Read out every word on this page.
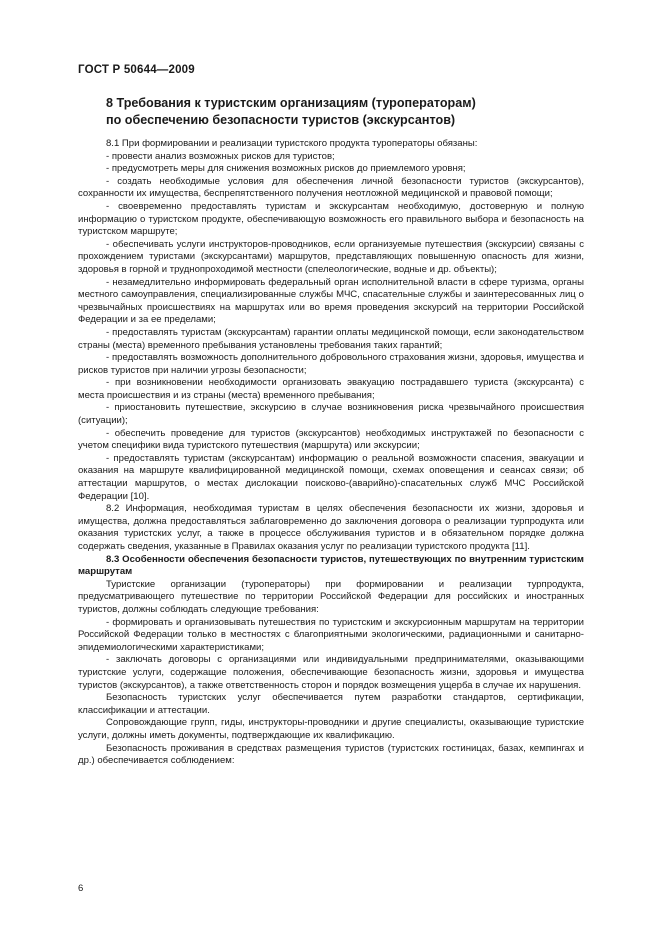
ГОСТ Р 50644—2009
8 Требования к туристским организациям (туроператорам)
по обеспечению безопасности туристов (экскурсантов)

8.1 При формировании и реализации туристского продукта туроператоры обязаны:

- провести анализ возможных рисков для туристов;

- предусмотреть меры для снижения возможных рисков до приемлемого уровня;

- создать необходимые условия для обеспечения личной безопасности туристов (экскурсантов), сохранности их имущества, беспрепятственного получения неотложной медицинской и правовой помощи;

- своевременно предоставлять туристам и экскурсантам необходимую, достоверную и полную информацию о туристском продукте, обеспечивающую возможность его правильного выбора и безопасность на туристском маршруте;

- обеспечивать услуги инструкторов-проводников, если организуемые путешествия (экскурсии) связаны с прохождением туристами (экскурсантами) маршрутов, представляющих повышенную опасность для жизни, здоровья в горной и труднопроходимой местности (спелеологические, водные и др. объекты);

- незамедлительно информировать федеральный орган исполнительной власти в сфере туризма, органы местного самоуправления, специализированные службы МЧС, спасательные службы и заинтересованных лиц о чрезвычайных происшествиях на маршрутах или во время проведения экскурсий на территории Российской Федерации и за ее пределами;

- предоставлять туристам (экскурсантам) гарантии оплаты медицинской помощи, если законодательством страны (места) временного пребывания установлены требования таких гарантий;

- предоставлять возможность дополнительного добровольного страхования жизни, здоровья, имущества и рисков туристов при наличии угрозы безопасности;

- при возникновении необходимости организовать эвакуацию пострадавшего туриста (экскурсанта) с места происшествия и из страны (места) временного пребывания;

- приостановить путешествие, экскурсию в случае возникновения риска чрезвычайного происшествия (ситуации);

- обеспечить проведение для туристов (экскурсантов) необходимых инструктажей по безопасности с учетом специфики вида туристского путешествия (маршрута) или экскурсии;

- предоставлять туристам (экскурсантам) информацию о реальной возможности спасения, эвакуации и оказания на маршруте квалифицированной медицинской помощи, схемах оповещения и сеансах связи; об аттестации маршрутов, о местах дислокации поисково-(аварийно)-спасательных служб МЧС Российской Федерации [10].

8.2 Информация, необходимая туристам в целях обеспечения безопасности их жизни, здоровья и имущества, должна предоставляться заблаговременно до заключения договора о реализации турпродукта или оказания туристских услуг, а также в процессе обслуживания туристов и в обязательном порядке должна содержать сведения, указанные в Правилах оказания услуг по реализации туристского продукта [11].

8.3 Особенности обеспечения безопасности туристов, путешествующих по внутренним туристским маршрутам

Туристские организации (туроператоры) при формировании и реализации турпродукта, предусматривающего путешествие по территории Российской Федерации для российских и иностранных туристов, должны соблюдать следующие требования:

- формировать и организовывать путешествия по туристским и экскурсионным маршрутам на территории Российской Федерации только в местностях с благоприятными экологическими, радиационными и санитарно-эпидемиологическими характеристиками;

- заключать договоры с организациями или индивидуальными предпринимателями, оказывающими туристские услуги, содержащие положения, обеспечивающие безопасность жизни, здоровья и имущества туристов (экскурсантов), а также ответственность сторон и порядок возмещения ущерба в случае их нарушения.

Безопасность туристских услуг обеспечивается путем разработки стандартов, сертификации, классификации и аттестации.

Сопровождающие групп, гиды, инструкторы-проводники и другие специалисты, оказывающие туристские услуги, должны иметь документы, подтверждающие их квалификацию.

Безопасность проживания в средствах размещения туристов (туристских гостиницах, базах, кемпингах и др.) обеспечивается соблюдением:

6
